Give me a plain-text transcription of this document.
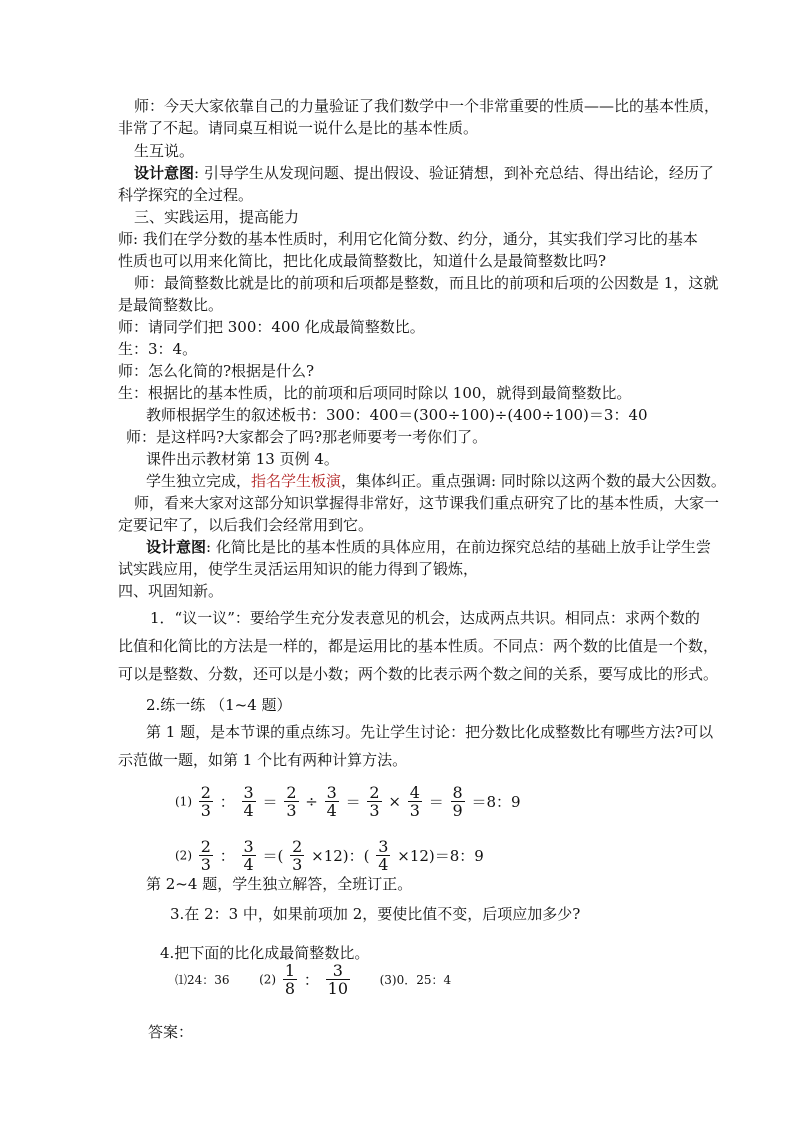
师：今天大家依靠自己的力量验证了我们数学中一个非常重要的性质——比的基本性质，
非常了不起。请同桌互相说一说什么是比的基本性质。
生互说。
设计意图: 引导学生从发现问题、提出假设、验证猜想，到补充总结、得出结论，经历了
科学探究的全过程。
三、实践运用，提高能力
师: 我们在学分数的基本性质时，利用它化简分数、约分，通分，其实我们学习比的基本
性质也可以用来化简比，把比化成最简整数比，知道什么是最简整数比吗?
师：最简整数比就是比的前项和后项都是整数，而且比的前项和后项的公因数是 1，这就
是最简整数比。
师：请同学们把 300：400 化成最简整数比。
生：3：4。
师：怎么化简的?根据是什么?
生：根据比的基本性质，比的前项和后项同时除以 100，就得到最简整数比。
教师根据学生的叙述板书：300：400＝(300÷100)÷(400÷100)＝3：40
师：是这样吗?大家都会了吗?那老师要考一考你们了。
课件出示教材第 13 页例 4。
学生独立完成，指名学生板演，集体纠正。重点强调: 同时除以这两个数的最大公因数。
师，看来大家对这部分知识掌握得非常好，这节课我们重点研究了比的基本性质，大家一
定要记牢了，以后我们会经常用到它。
设计意图: 化简比是比的基本性质的具体应用，在前边探究总结的基础上放手让学生尝
试实践应用，使学生灵活运用知识的能力得到了锻炼，
四、巩固知新。
1．“议一议”：要给学生充分发表意见的机会，达成两点共识。相同点：求两个数的
比值和化简比的方法是一样的，都是运用比的基本性质。不同点：两个数的比值是一个数，
可以是整数、分数，还可以是小数；两个数的比表示两个数之间的关系，要写成比的形式。
2.练一练 （1~4 题）
第 1 题，是本节课的重点练习。先让学生讨论：把分数比化成整数比有哪些方法?可以
示范做一题，如第 1 个比有两种计算方法。
$(1) \frac{2}{3}$ ： $\frac{3}{4} = \frac{2}{3} \div \frac{3}{4} = \frac{2}{3} \times \frac{4}{3} = \frac{8}{9} =8$：9
$(2) \frac{2}{3}$ ： $\frac{3}{4}$ ＝( $\frac{2}{3} \times 12$)：( $\frac{3}{4} \times 12)=8$：9
第 2~4 题，学生独立解答，全班订正。
3.在 2：3 中，如果前项加 2，要使比值不变，后项应加多少?
4.把下面的比化成最简整数比。
⑴24：36 $(2) \frac{1}{8}$ ： $\frac{3}{10} (3)0$．25：4
答案：
